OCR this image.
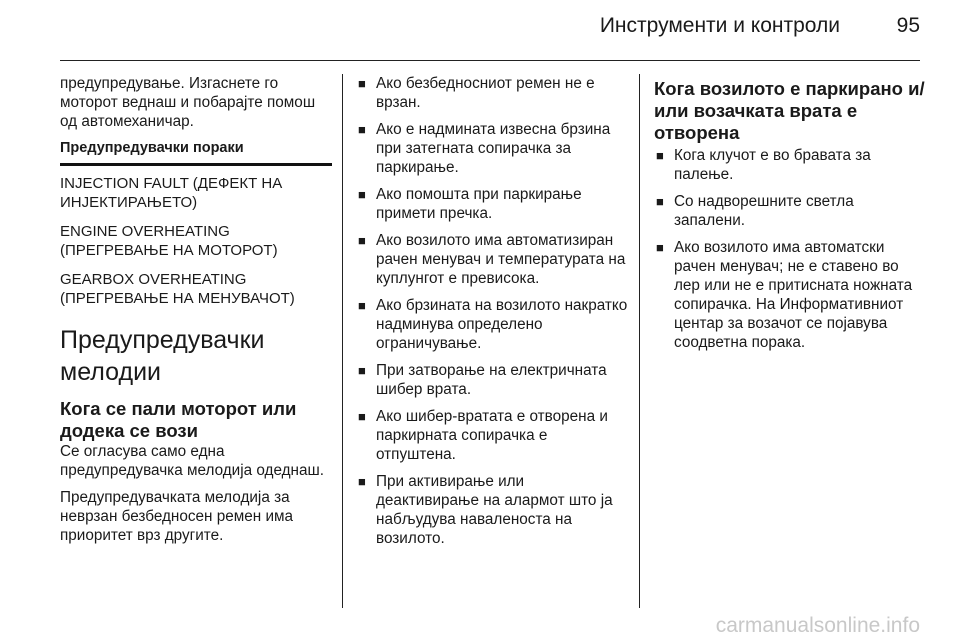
Инструменти и контроли	95

предупредување. Изгаснете го моторот веднаш и побарајте помош од автомеханичар.

Предупредувачки пораки
INJECTION FAULT (ДЕФЕКТ НА ИНЈЕКТИРАЊЕТО)
ENGINE OVERHEATING (ПРЕГРЕВАЊЕ НА МОТОРОТ)
GEARBOX OVERHEATING (ПРЕГРЕВАЊЕ НА МЕНУВАЧОТ)
Предупредувачки мелодии
Кога се пали моторот или додека се вози

Се огласува само една предупредувачка мелодија одеднаш.

Предупредувачката мелодија за неврзан безбедносен ремен има приоритет врз другите.

■ Ако безбедносниот ремен не е врзан.
■ Ако е надмината извесна брзина при затегната сопирачка за паркирање.
■ Ако помошта при паркирање примети пречка.
■ Ако возилото има автоматизиран рачен менувач и температурата на куплунгот е превисока.
■ Ако брзината на возилото накратко надминува определено ограничување.
■ При затворање на електричната шибер врата.
■ Ако шибер-вратата е отворена и паркирната сопирачка е отпуштена.
■ При активирање или деактивирање на алармот што ја набљудува наваленоста на возилото.
Кога возилото е паркирано и/или возачката врата е отворена
■ Кога клучот е во бравата за палење.
■ Со надворешните светла запалени.
■ Ако возилото има автоматски рачен менувач; не е ставено во лер или не е притисната ножната сопирачка. На Информативниот центар за возачот се појавува соодветна порака.
carmanualsonline.info
